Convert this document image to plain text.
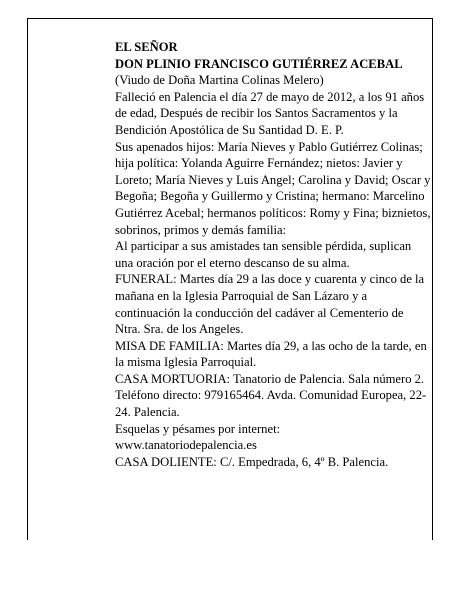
EL SEÑOR

DON PLINIO FRANCISCO GUTIÉRREZ ACEBAL

(Viudo de Doña Martina Colinas Melero)

Falleció en Palencia el día 27 de mayo de 2012, a los 91 años de edad, Después de recibir los Santos Sacramentos y la Bendición Apostólica de Su Santidad D. E. P.

Sus apenados hijos: María Nieves y Pablo Gutiérrez Colinas; hija política: Yolanda Aguirre Fernández; nietos: Javier y Loreto; María Nieves y Luis Angel; Carolina y David; Oscar y Begoña; Begoña y Guillermo y Cristina; hermano: Marcelino Gutiérrez Acebal; hermanos políticos: Romy y Fina; biznietos, sobrinos, primos y demás familia:

Al participar a sus amistades tan sensible pérdida, suplican una oración por el eterno descanso de su alma.

FUNERAL: Martes día 29 a las doce y cuarenta y cinco de la mañana en la Iglesia Parroquial de San Lázaro y a continuación la conducción del cadáver al Cementerio de Ntra. Sra. de los Angeles.

MISA DE FAMILIA: Martes día 29, a las ocho de la tarde, en la misma Iglesia Parroquial.

CASA MORTUORIA: Tanatorio de Palencia. Sala número 2. Teléfono directo: 979165464. Avda. Comunidad Europea, 22-24. Palencia.

Esquelas y pésames por internet:

www.tanatoriodepalencia.es

CASA DOLIENTE: C/. Empedrada, 6, 4º B. Palencia.
